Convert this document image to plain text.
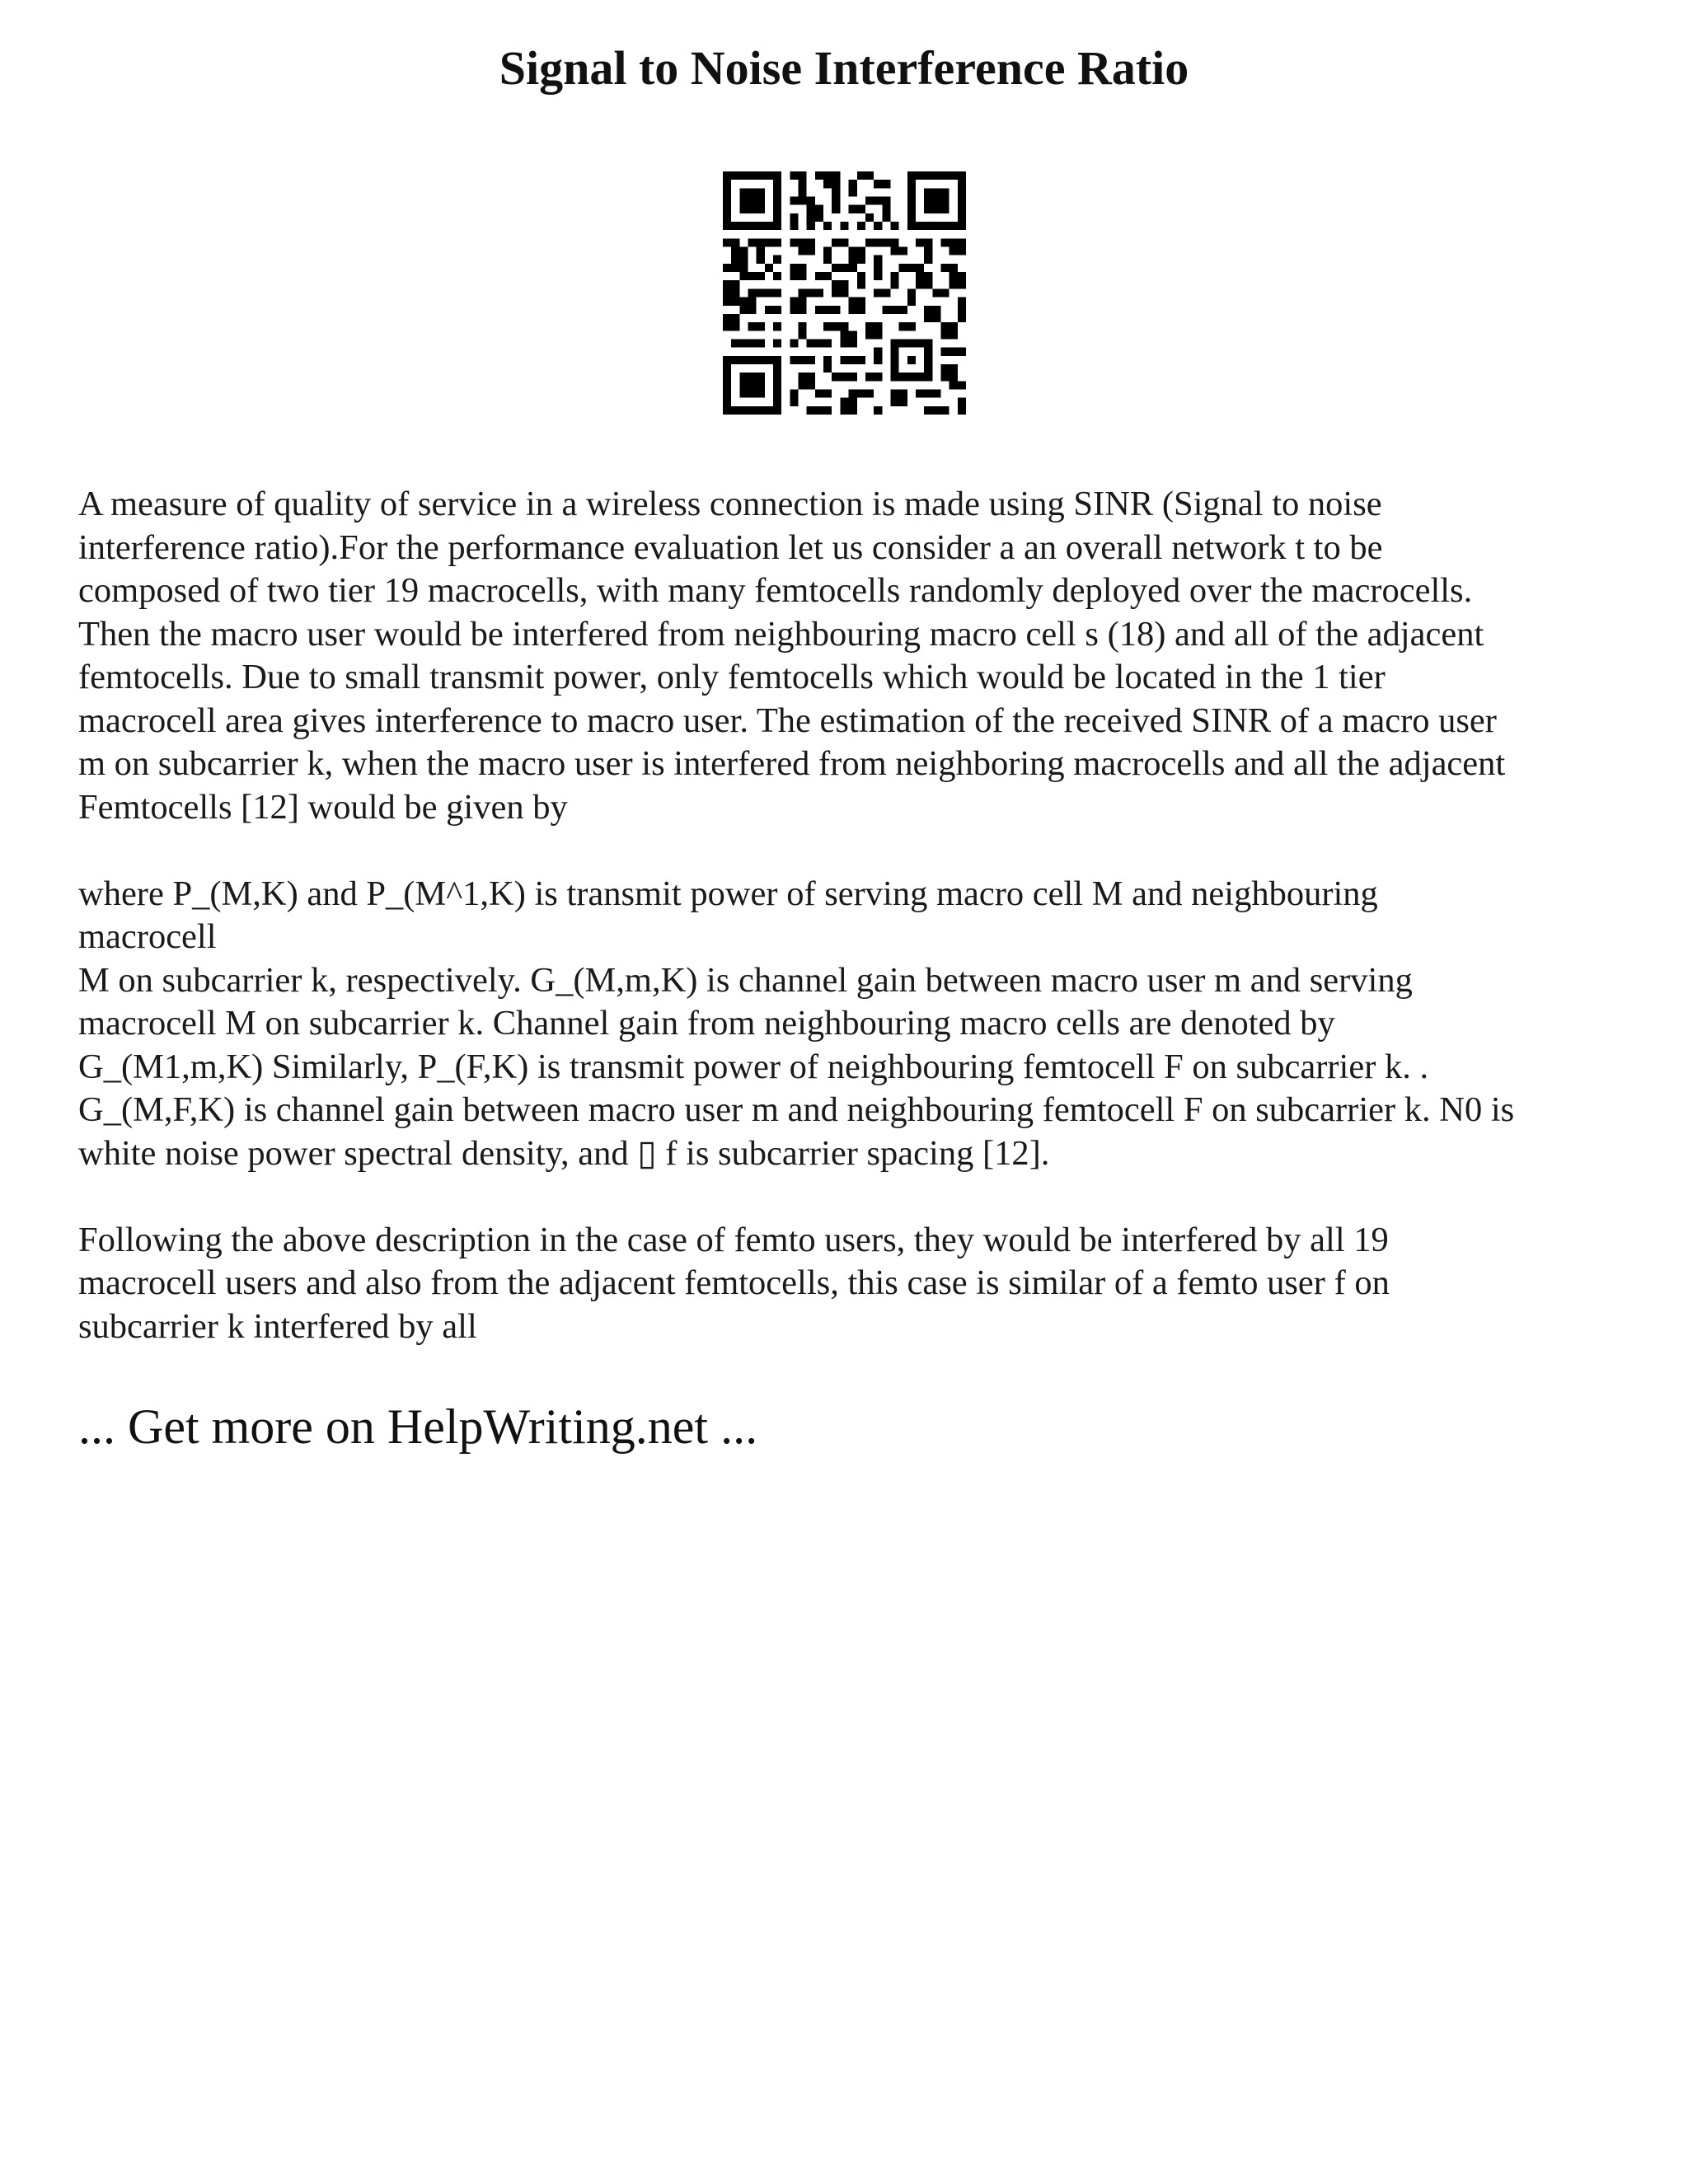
Signal to Noise Interference Ratio

A measure of quality of service in a wireless connection is made using SINR (Signal to noise
interference ratio).For the performance evaluation let us consider a an overall network t to be
composed of two tier 19 macrocells, with many femtocells randomly deployed over the macrocells.
Then the macro user would be interfered from neighbouring macro cell s (18) and all of the adjacent
femtocells. Due to small transmit power, only femtocells which would be located in the 1 tier
macrocell area gives interference to macro user. The estimation of the received SINR of a macro user
m on subcarrier k, when the macro user is interfered from neighboring macrocells and all the adjacent
Femtocells [12] would be given by

where P_(M,K) and P_(M^1,K) is transmit power of serving macro cell M and neighbouring
macrocell
M on subcarrier k, respectively. G_(M,m,K) is channel gain between macro user m and serving
macrocell M on subcarrier k. Channel gain from neighbouring macro cells are denoted by
G_(M1,m,K) Similarly, P_(F,K) is transmit power of neighbouring femtocell F on subcarrier k. .
G_(M,F,K) is channel gain between macro user m and neighbouring femtocell F on subcarrier k. N0 is
white noise power spectral density, and ▯ f is subcarrier spacing [12].

Following the above description in the case of femto users, they would be interfered by all 19
macrocell users and also from the adjacent femtocells, this case is similar of a femto user f on
subcarrier k interfered by all

... Get more on HelpWriting.net ...
